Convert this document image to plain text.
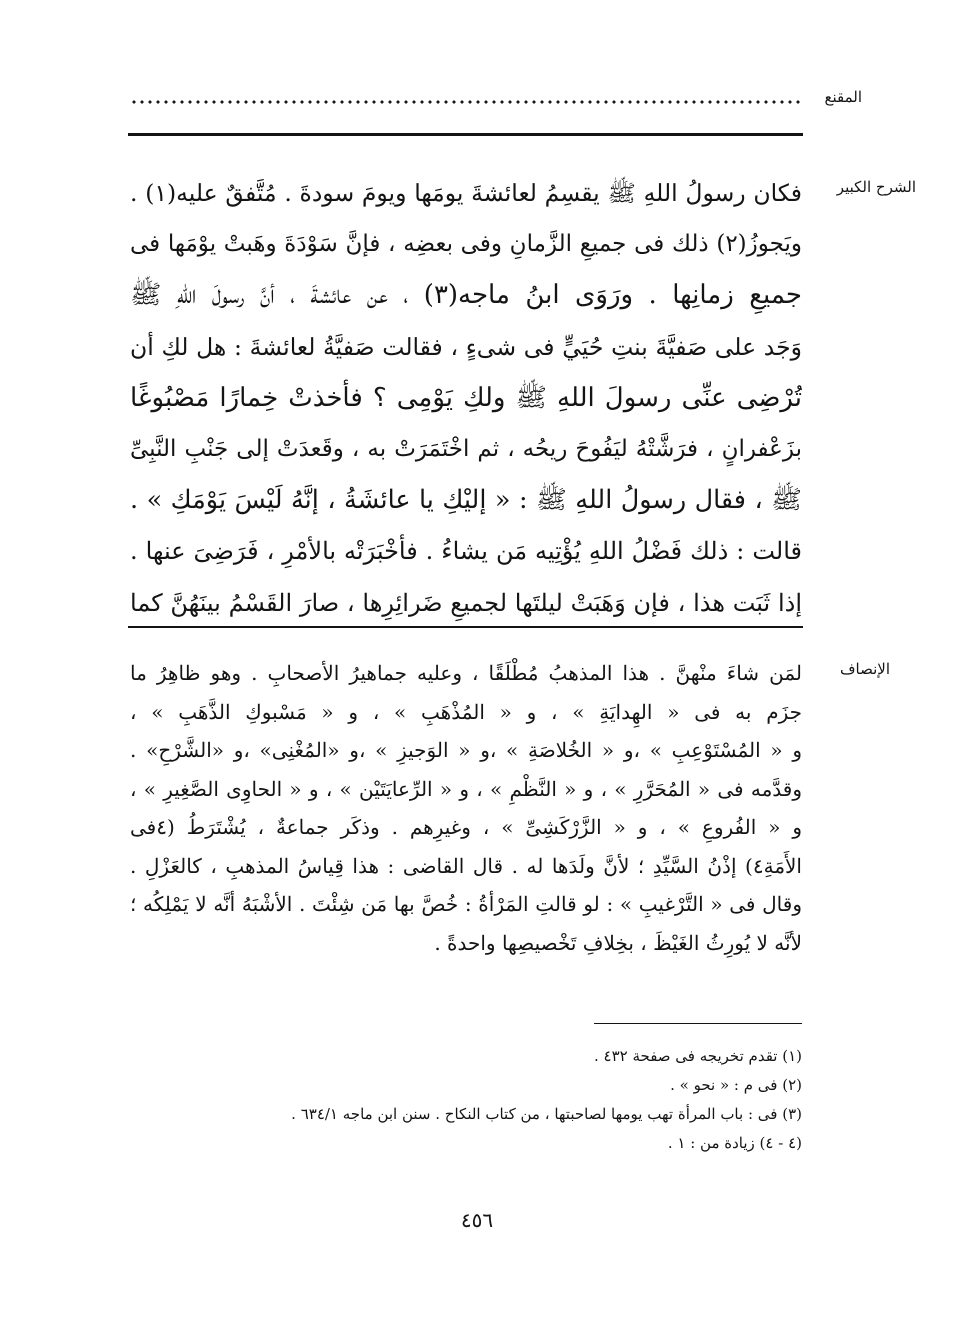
المقنع
الشرح الكبير
الإنصاف
فكان رسولُ اللهِ ﷺ يقسِمُ لعائشةَ يومَها ويومَ سودةَ . مُتَّفقٌ عليه(١) .
ويَجوزُ(٢) ذلك فى جميعِ الزَّمانِ وفى بعضِه ، فإنَّ سَوْدَةَ وهَبتْ يوْمَها فى
جميعِ زمانِها . ورَوَى ابنُ ماجه(٣) ، عن عائشةَ ، أنَّ رسولَ اللهِ ﷺ
وَجَد على صَفيَّةَ بنتِ حُيَيٍّ فى شىءٍ ، فقالت صَفيَّةُ لعائشةَ : هل لكِ أن
تُرْضِى عنِّى رسولَ اللهِ ﷺ ولكِ يَوْمِى ؟ فأخذتْ خِمارًا مَصْبُوغًا
بزَعْفرانٍ ، فرَشَّتْهُ ليَفُوحَ ريحُه ، ثم اخْتَمَرَتْ به ، وقَعدَتْ إلى جَنْبِ النَّبِىِّ
ﷺ ، فقال رسولُ اللهِ ﷺ : « إليْكِ يا عائشَةُ ، إنَّهُ لَيْسَ يَوْمَكِ » .
قالت : ذلك فَضْلُ اللهِ يُؤْتِيه مَن يشاءُ . فأخْبَرَتْه بالأمْرِ ، فَرَضِىَ عنها .
إذا ثَبَت هذا ، فإن وَهَبَتْ ليلتَها لجميعِ ضَرائِرِها ، صارَ القَسْمُ بينَهُنَّ كما
لمَن شاءَ منْهنَّ . هذا المذهبُ مُطْلَقًا ، وعليه جماهيرُ الأصحابِ . وهو ظاهِرُ ما
جزَم به فى « الهِدايَةِ » ، و « المُذْهَبِ » ، و « مَسْبوكِ الذَّهَبِ » ،
و « المُسْتَوْعِبِ » ،و « الخُلاصَةِ » ،و « الوَجيزِ » ،و «المُغْنِى» ،و «الشَّرْحِ» .
وقدَّمه فى « المُحَرَّرِ » ، و « النَّظْمِ » ، و « الرِّعايَتَيْن » ، و « الحاوِى الصَّغِيرِ » ،
و « الفُروعِ » ، و « الزَّرْكَشِىِّ » ، وغيرِهم . وذكَر جماعةٌ ، يُشْتَرَطُ (٤فى
الأَمَةِ٤) إذْنُ السَّيِّدِ ؛ لأنَّ ولَدَها له . قال القاضى : هذا قِياسُ المذهبِ ، كالعَزْلِ .
وقال فى « التَّرْغيبِ » : لو قالتِ المَرْأةُ : خُصَّ بها مَن شِئْتَ . الأشْبَهُ أنَّه لا يَمْلِكُه ؛
لأنَّه لا يُورِثُ الغَيْظَ ، بخِلافِ تَخْصيصِها واحدةً .
(١) تقدم تخريجه فى صفحة ٤٣٢ .
(٢) فى م : « نحو » .
(٣) فى : باب المرأة تهب يومها لصاحبتها ، من كتاب النكاح . سنن ابن ماجه ٦٣٤/١ .
(٤ - ٤) زيادة من : ١ .
٤٥٦
